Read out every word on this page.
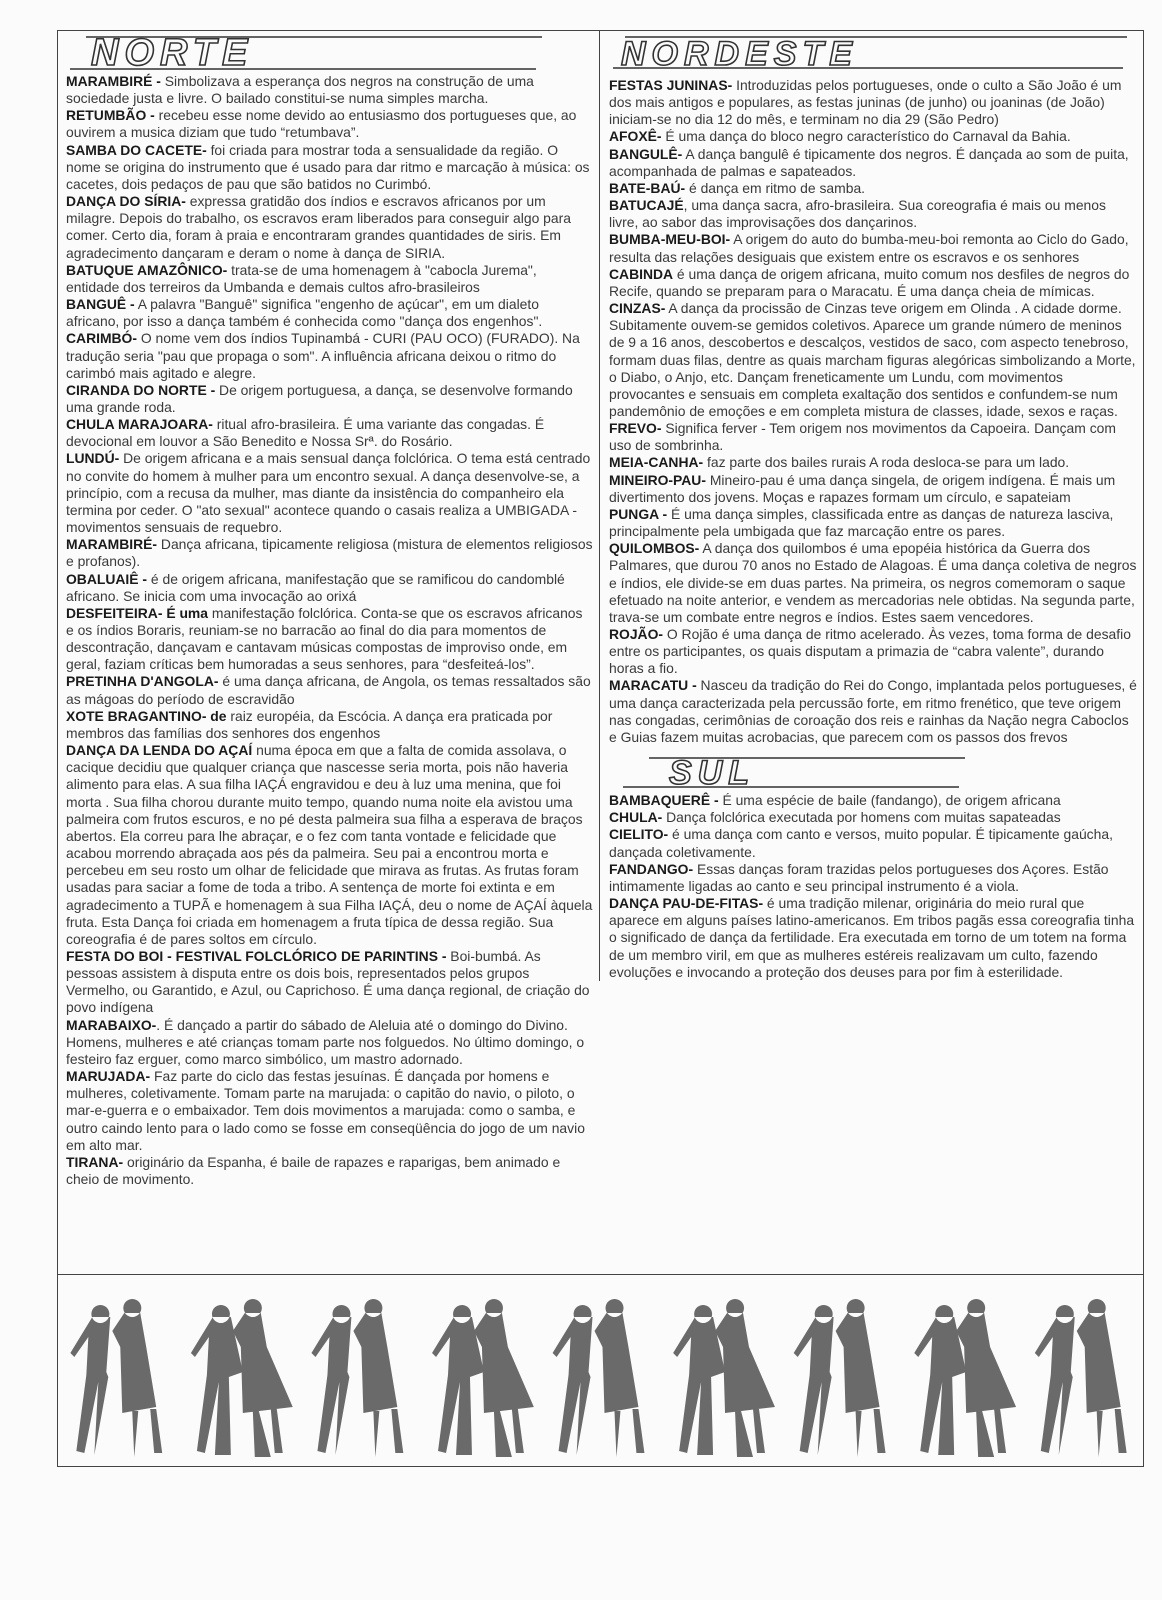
NORTE

MARAMBIRÉ - Simbolizava a esperança dos negros na construção de uma sociedade justa e livre. O bailado constitui-se numa simples marcha.

RETUMBÃO - recebeu esse nome devido ao entusiasmo dos portugueses que, ao ouvirem a musica diziam que tudo “retumbava”.

SAMBA DO CACETE- foi criada para mostrar toda a sensualidade da região. O nome se origina do instrumento que é usado para dar ritmo e marcação à música: os cacetes, dois pedaços de pau que são batidos no Curimbó.

DANÇA DO SÍRIA- expressa gratidão dos índios e escravos africanos por um milagre. Depois do trabalho, os escravos eram liberados para conseguir algo para comer. Certo dia, foram à praia e encontraram grandes quantidades de siris. Em agradecimento dançaram e deram o nome à dança de SIRIA.

BATUQUE AMAZÔNICO- trata-se de uma homenagem à "cabocla Jurema", entidade dos terreiros da Umbanda e demais cultos afro-brasileiros

BANGUÊ - A palavra "Banguê" significa "engenho de açúcar", em um dialeto africano, por isso a dança também é conhecida como "dança dos engenhos".

CARIMBÓ- O nome vem dos índios Tupinambá - CURI (PAU OCO) (FURADO). Na tradução seria "pau que propaga o som". A influência africana deixou o ritmo do carimbó mais agitado e alegre.

CIRANDA DO NORTE - De origem portuguesa, a dança, se desenvolve formando uma grande roda.

CHULA MARAJOARA- ritual afro-brasileira. É uma variante das congadas. É devocional em louvor a São Benedito e Nossa Srª. do Rosário.

LUNDÚ- De origem africana e a mais sensual dança folclórica. O tema está centrado no convite do homem à mulher para um encontro sexual. A dança desenvolve-se, a princípio, com a recusa da mulher, mas diante da insistência do companheiro ela termina por ceder. O "ato sexual" acontece quando o casais realiza a UMBIGADA - movimentos sensuais de requebro.

MARAMBIRÉ- Dança africana, tipicamente religiosa (mistura de elementos religiosos e profanos).

OBALUAIÊ - é de origem africana, manifestação que se ramificou do candomblé africano. Se inicia com uma invocação ao orixá

DESFEITEIRA- É uma manifestação folclórica. Conta-se que os escravos africanos e os índios Boraris, reuniam-se no barracão ao final do dia para momentos de descontração, dançavam e cantavam músicas compostas de improviso onde, em geral, faziam críticas bem humoradas a seus senhores, para “desfeiteá-los”.

PRETINHA D'ANGOLA- é uma dança africana, de Angola, os temas ressaltados são as mágoas do período de escravidão

XOTE BRAGANTINO- de raiz européia, da Escócia. A dança era praticada por membros das famílias dos senhores dos engenhos

DANÇA DA LENDA DO AÇAÍ numa época em que a falta de comida assolava, o cacique decidiu que qualquer criança que nascesse seria morta, pois não haveria alimento para elas. A sua filha IAÇÁ engravidou e deu à luz uma menina, que foi morta . Sua filha chorou durante muito tempo, quando numa noite ela avistou uma palmeira com frutos escuros, e no pé desta palmeira sua filha a esperava de braços abertos. Ela correu para lhe abraçar, e o fez com tanta vontade e felicidade que acabou morrendo abraçada aos pés da palmeira. Seu pai a encontrou morta e percebeu em seu rosto um olhar de felicidade que mirava as frutas. As frutas foram usadas para saciar a fome de toda a tribo. A sentença de morte foi extinta e em agradecimento a TUPÃ e homenagem à sua Filha IAÇÁ, deu o nome de AÇAÍ àquela fruta. Esta Dança foi criada em homenagem a fruta típica de dessa região. Sua coreografia é de pares soltos em círculo.

FESTA DO BOI - FESTIVAL FOLCLÓRICO DE PARINTINS - Boi-bumbá. As pessoas assistem à disputa entre os dois bois, representados pelos grupos Vermelho, ou Garantido, e Azul, ou Caprichoso. É uma dança regional, de criação do povo indígena

MARABAIXO-. É dançado a partir do sábado de Aleluia até o domingo do Divino. Homens, mulheres e até crianças tomam parte nos folguedos. No último domingo, o festeiro faz erguer, como marco simbólico, um mastro adornado.

MARUJADA- Faz parte do ciclo das festas jesuínas. É dançada por homens e mulheres, coletivamente. Tomam parte na marujada: o capitão do navio, o piloto, o mar-e-guerra e o embaixador. Tem dois movimentos a marujada: como o samba, e outro caindo lento para o lado como se fosse em conseqüência do jogo de um navio em alto mar.

TIRANA- originário da Espanha, é baile de rapazes e raparigas, bem animado e cheio de movimento.

NORDESTE

FESTAS JUNINAS- Introduzidas pelos portugueses, onde o culto a São João é um dos mais antigos e populares, as festas juninas (de junho) ou joaninas (de João) iniciam-se no dia 12 do mês, e terminam no dia 29 (São Pedro)

AFOXÊ- É uma dança do bloco negro característico do Carnaval da Bahia.

BANGULÊ- A dança bangulê é tipicamente dos negros. É dançada ao som de puita, acompanhada de palmas e sapateados.

BATE-BAÚ- é dança em ritmo de samba.

BATUCAJÉ, uma dança sacra, afro-brasileira. Sua coreografia é mais ou menos livre, ao sabor das improvisações dos dançarinos.

BUMBA-MEU-BOI- A origem do auto do bumba-meu-boi remonta ao Ciclo do Gado, resulta das relações desiguais que existem entre os escravos e os senhores

CABINDA é uma dança de origem africana, muito comum nos desfiles de negros do Recife, quando se preparam para o Maracatu. É uma dança cheia de mímicas.

CINZAS- A dança da procissão de Cinzas teve origem em Olinda . A cidade dorme. Subitamente ouvem-se gemidos coletivos. Aparece um grande número de meninos de 9 a 16 anos, descobertos e descalços, vestidos de saco, com aspecto tenebroso, formam duas filas, dentre as quais marcham figuras alegóricas simbolizando a Morte, o Diabo, o Anjo, etc. Dançam freneticamente um Lundu, com movimentos provocantes e sensuais em completa exaltação dos sentidos e confundem-se num pandemônio de emoções e em completa mistura de classes, idade, sexos e raças.

FREVO- Significa ferver - Tem origem nos movimentos da Capoeira. Dançam com uso de sombrinha.

MEIA-CANHA- faz parte dos bailes rurais A roda desloca-se para um lado.

MINEIRO-PAU- Mineiro-pau é uma dança singela, de origem indígena. É mais um divertimento dos jovens. Moças e rapazes formam um círculo, e sapateiam

PUNGA - É uma dança simples, classificada entre as danças de natureza lasciva, principalmente pela umbigada que faz marcação entre os pares.

QUILOMBOS- A dança dos quilombos é uma epopéia histórica da Guerra dos Palmares, que durou 70 anos no Estado de Alagoas. É uma dança coletiva de negros e índios, ele divide-se em duas partes. Na primeira, os negros comemoram o saque efetuado na noite anterior, e vendem as mercadorias nele obtidas. Na segunda parte, trava-se um combate entre negros e índios. Estes saem vencedores.

ROJÃO- O Rojão é uma dança de ritmo acelerado. Às vezes, toma forma de desafio entre os participantes, os quais disputam a primazia de “cabra valente”, durando horas a fio.

MARACATU - Nasceu da tradição do Rei do Congo, implantada pelos portugueses, é uma dança caracterizada pela percussão forte, em ritmo frenético, que teve origem nas congadas, cerimônias de coroação dos reis e rainhas da Nação negra Caboclos e Guias fazem muitas acrobacias, que parecem com os passos dos frevos

SUL

BAMBAQUERÊ - É uma espécie de baile (fandango), de origem africana

CHULA- Dança folclórica executada por homens com muitas sapateadas

CIELITO- é uma dança com canto e versos, muito popular. É tipicamente gaúcha, dançada coletivamente.

FANDANGO- Essas danças foram trazidas pelos portugueses dos Açores. Estão intimamente ligadas ao canto e seu principal instrumento é a viola.

DANÇA PAU-DE-FITAS- é uma tradição milenar, originária do meio rural que aparece em alguns países latino-americanos. Em tribos pagãs essa coreografia tinha o significado de dança da fertilidade. Era executada em torno de um totem na forma de um membro viril, em que as mulheres estéreis realizavam um culto, fazendo evoluções e invocando a proteção dos deuses para por fim à esterilidade.
